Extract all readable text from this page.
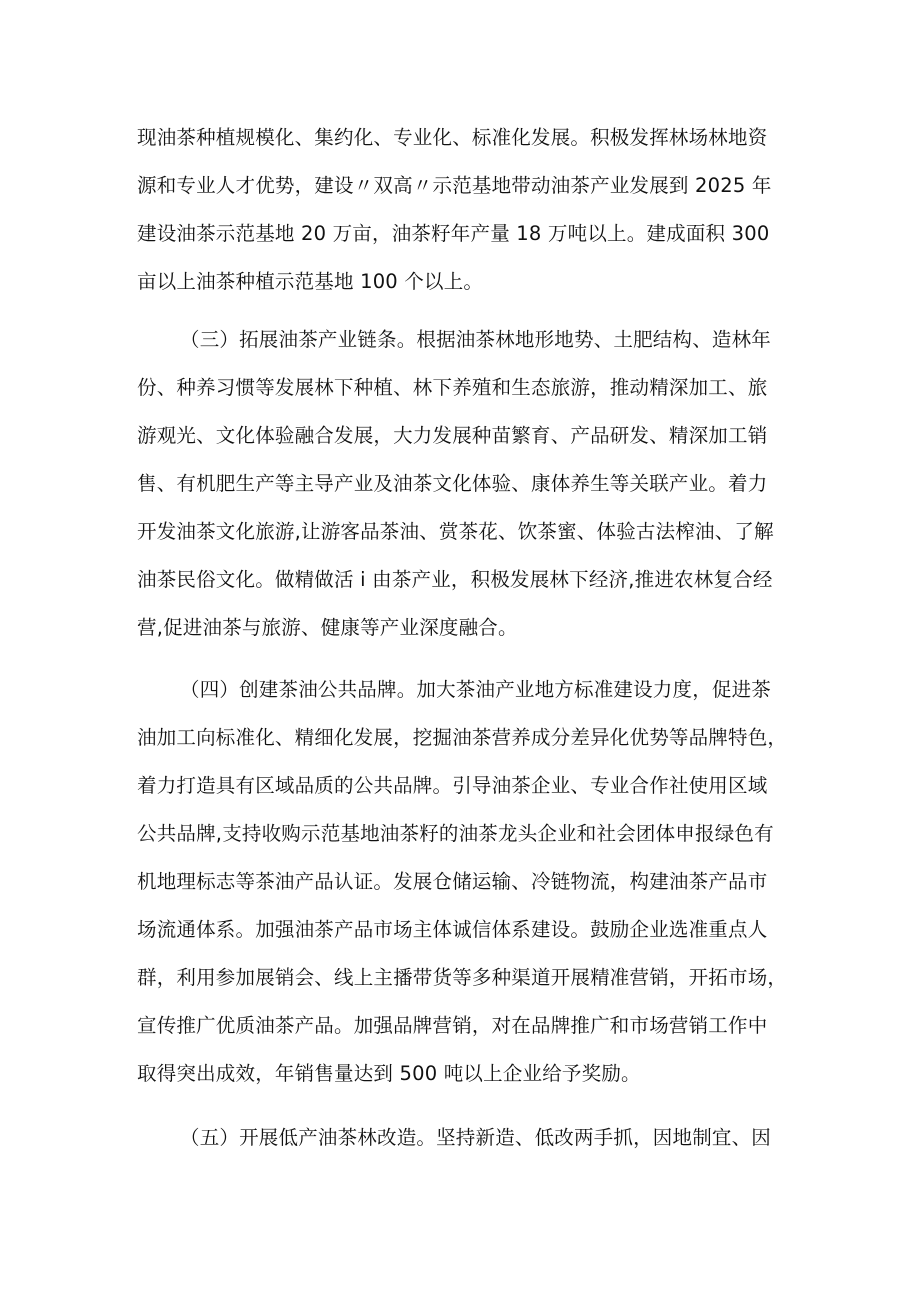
现油茶种植规模化、集约化、专业化、标准化发展。积极发挥林场林地资
源和专业人才优势，建设〃双高〃示范基地带动油茶产业发展到 2025 年
建设油茶示范基地 20 万亩，油茶籽年产量 18 万吨以上。建成面积 300
亩以上油茶种植示范基地 100 个以上。
（三）拓展油茶产业链条。根据油茶林地形地势、土肥结构、造林年
份、种养习惯等发展林下种植、林下养殖和生态旅游，推动精深加工、旅
游观光、文化体验融合发展，大力发展种苗繁育、产品研发、精深加工销
售、有机肥生产等主导产业及油茶文化体验、康体养生等关联产业。着力
开发油茶文化旅游,让游客品茶油、赏茶花、饮茶蜜、体验古法榨油、了解
油茶民俗文化。做精做活 i 由茶产业，积极发展林下经济,推进农林复合经
营,促进油茶与旅游、健康等产业深度融合。
（四）创建茶油公共品牌。加大茶油产业地方标准建设力度，促进茶
油加工向标准化、精细化发展，挖掘油茶营养成分差异化优势等品牌特色，
着力打造具有区域品质的公共品牌。引导油茶企业、专业合作社使用区域
公共品牌,支持收购示范基地油茶籽的油茶龙头企业和社会团体申报绿色有
机地理标志等茶油产品认证。发展仓储运输、冷链物流，构建油茶产品市
场流通体系。加强油茶产品市场主体诚信体系建设。鼓励企业选准重点人
群，利用参加展销会、线上主播带货等多种渠道开展精准营销，开拓市场，
宣传推广优质油茶产品。加强品牌营销，对在品牌推广和市场营销工作中
取得突出成效，年销售量达到 500 吨以上企业给予奖励。
（五）开展低产油茶林改造。坚持新造、低改两手抓，因地制宜、因
